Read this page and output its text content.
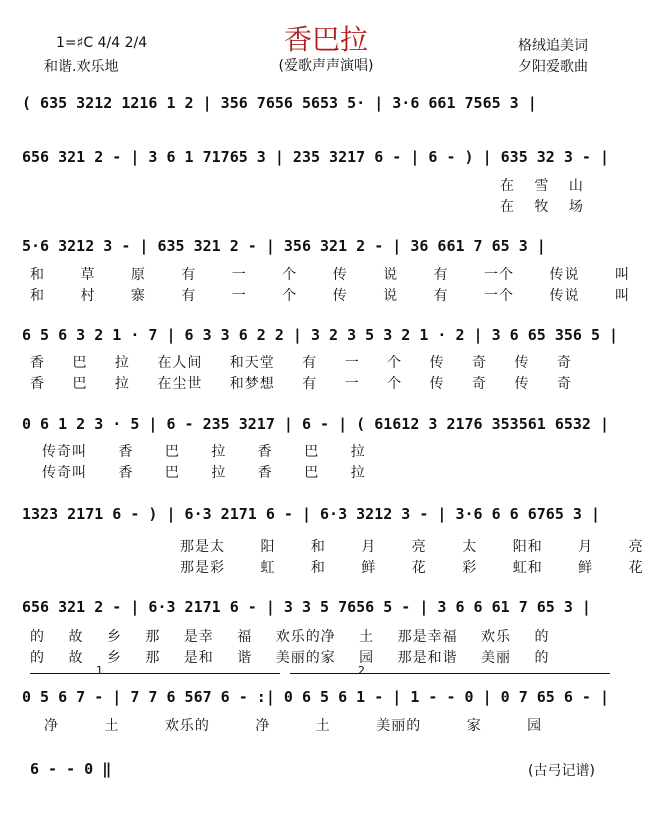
香巴拉
(爱歌声声演唱)
1=♯C 4/4 2/4
和谐.欢乐地
格绒追美词
夕阳爱歌曲
( 635 3212 1216 1 2 | 356 7656 5653 5· | 3·6 661 7565 3 |
656 321 2 - | 3 6 1 71765 3 | 235 3217 6 - | 6 - ) | 635 32 3 - |
在 雪 山
在 牧 场
5·6 3212 3 - | 635 321 2 - | 356 321 2 - | 36 661 7 65 3 |
和 草 原 有 一 个 传 说 有 一个 传说 叫
和 村 寨 有 一 个 传 说 有 一个 传说 叫
6 5 6 3 2 1 · 7 | 6 3 3 6 2 2 | 3 2 3 5 3 2 1 · 2 | 3 6 65 356 5 |
香 巴 拉 在人间 和天堂 有 一 个 传 奇 传 奇
香 巴 拉 在尘世 和梦想 有 一 个 传 奇 传 奇
0 6 1 2 3 · 5 | 6 - 235 3217 | 6 - | ( 61612 3 2176 353561 6532 |
传奇叫 香 巴 拉 香 巴 拉
传奇叫 香 巴 拉 香 巴 拉
1323 2171 6 - ) | 6·3 2171 6 - | 6·3 3212 3 - | 3·6 6 6 6765 3 |
那是太 阳 和 月 亮 太 阳和 月 亮
那是彩 虹 和 鲜 花 彩 虹和 鲜 花
656 321 2 - | 6·3 2171 6 - | 3 3 5 7656 5 - | 3 6 6 61 7 65 3 |
的 故 乡 那 是幸 福 欢乐的净 土 那是幸福 欢乐 的
的 故 乡 那 是和 谐 美丽的家 园 那是和谐 美丽 的
1	2
0 5 6 7 - | 7 7 6 567 6 - :| 0 6 5 6 1 - | 1 - - 0 | 0 7 65 6 - |
净 土 欢乐的 净 土 美丽的 家 园
6 - - 0 ‖	(古弓记谱)
